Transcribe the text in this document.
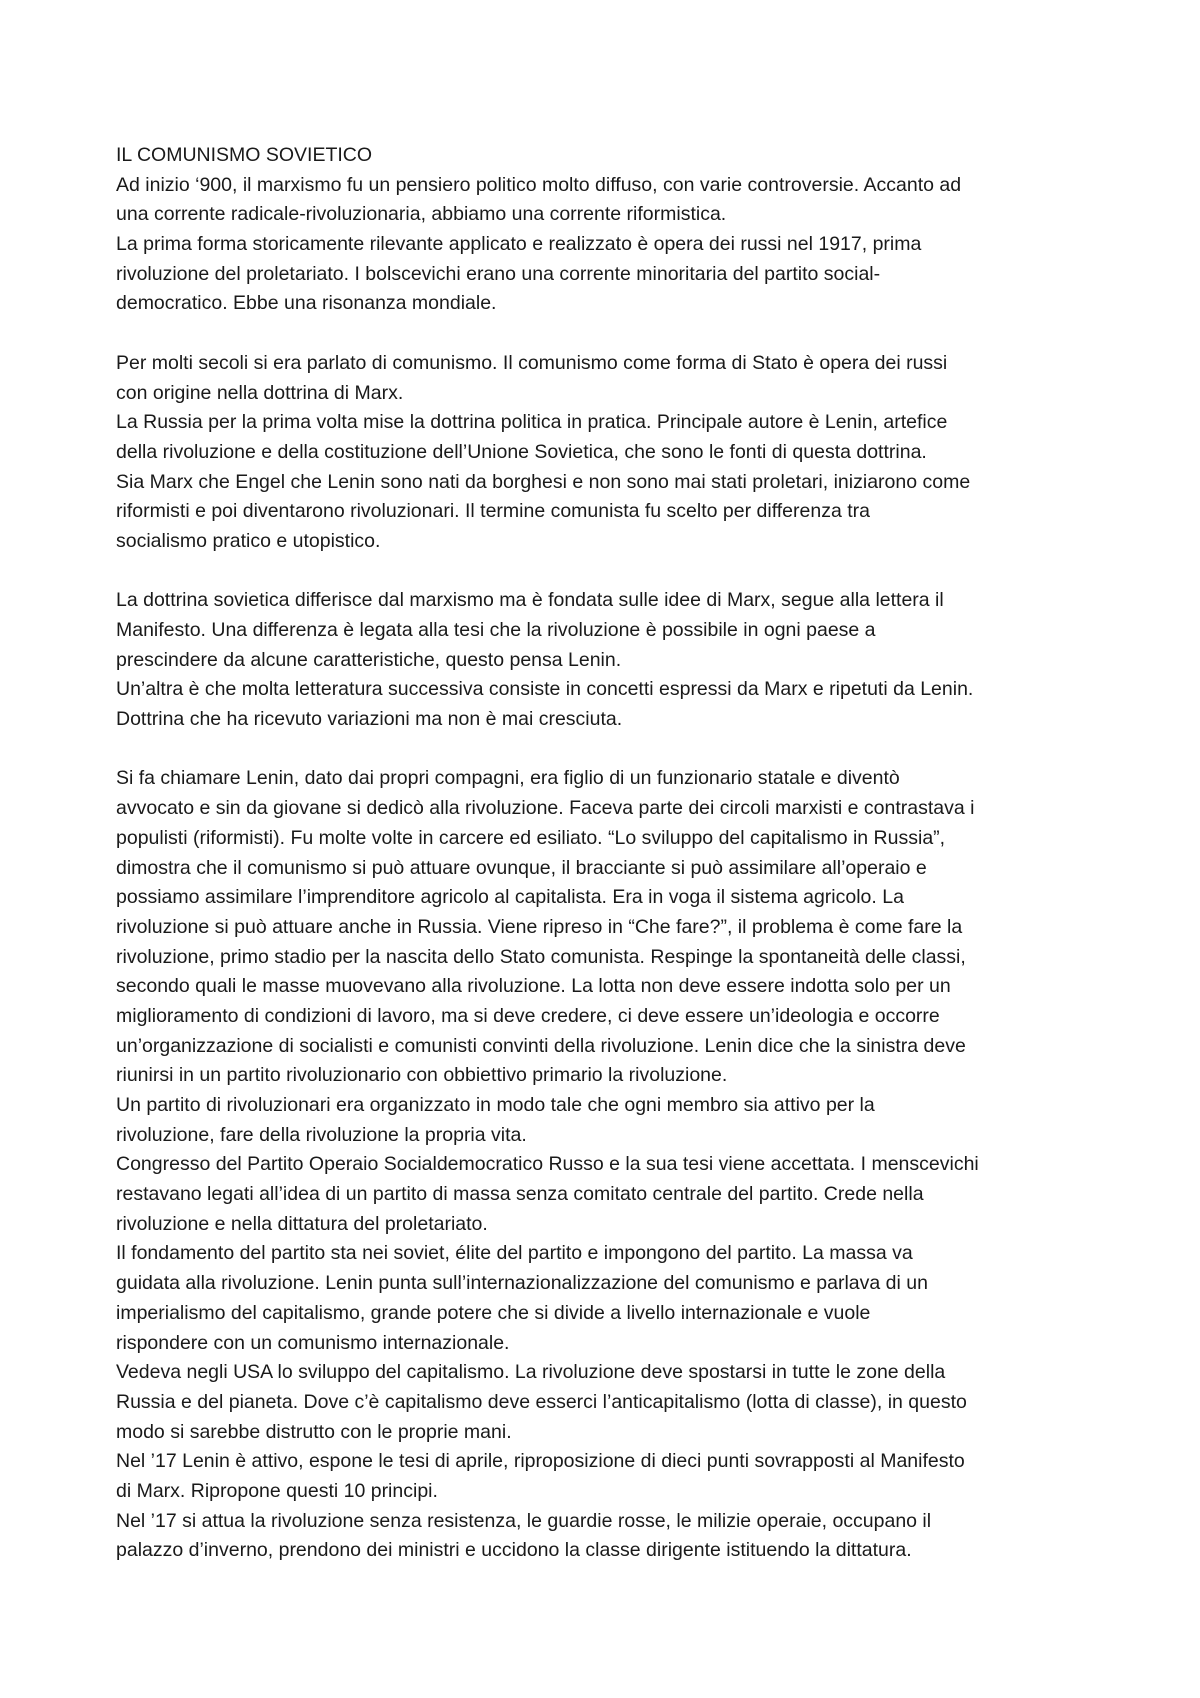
IL COMUNISMO SOVIETICO
Ad inizio ‘900, il marxismo fu un pensiero politico molto diffuso, con varie controversie. Accanto ad
una corrente radicale-rivoluzionaria, abbiamo una corrente riformistica.
La prima forma storicamente rilevante applicato e realizzato è opera dei russi nel 1917, prima
rivoluzione del proletariato. I bolscevichi erano una corrente minoritaria del partito social-
democratico. Ebbe una risonanza mondiale.
Per molti secoli si era parlato di comunismo. Il comunismo come forma di Stato è opera dei russi
con origine nella dottrina di Marx.
La Russia per la prima volta mise la dottrina politica in pratica. Principale autore è Lenin, artefice
della rivoluzione e della costituzione dell’Unione Sovietica, che sono le fonti di questa dottrina.
Sia Marx che Engel che Lenin sono nati da borghesi e non sono mai stati proletari, iniziarono come
riformisti e poi diventarono rivoluzionari. Il termine comunista fu scelto per differenza tra
socialismo pratico e utopistico.
La dottrina sovietica differisce dal marxismo ma è fondata sulle idee di Marx, segue alla lettera il
Manifesto. Una differenza è legata alla tesi che la rivoluzione è possibile in ogni paese a
prescindere da alcune caratteristiche, questo pensa Lenin.
Un’altra è che molta letteratura successiva consiste in concetti espressi da Marx e ripetuti da Lenin.
Dottrina che ha ricevuto variazioni ma non è mai cresciuta.
Si fa chiamare Lenin, dato dai propri compagni, era figlio di un funzionario statale e diventò
avvocato e sin da giovane si dedicò alla rivoluzione. Faceva parte dei circoli marxisti e contrastava i
populisti (riformisti). Fu molte volte in carcere ed esiliato. “Lo sviluppo del capitalismo in Russia”,
dimostra che il comunismo si può attuare ovunque, il bracciante si può assimilare all’operaio e
possiamo assimilare l’imprenditore agricolo al capitalista. Era in voga il sistema agricolo. La
rivoluzione si può attuare anche in Russia. Viene ripreso in “Che fare?”, il problema è come fare la
rivoluzione, primo stadio per la nascita dello Stato comunista. Respinge la spontaneità delle classi,
secondo quali le masse muovevano alla rivoluzione. La lotta non deve essere indotta solo per un
miglioramento di condizioni di lavoro, ma si deve credere, ci deve essere un’ideologia e occorre
un’organizzazione di socialisti e comunisti convinti della rivoluzione. Lenin dice che la sinistra deve
riunirsi in un partito rivoluzionario con obbiettivo primario la rivoluzione.
Un partito di rivoluzionari era organizzato in modo tale che ogni membro sia attivo per la
rivoluzione, fare della rivoluzione la propria vita.
Congresso del Partito Operaio Socialdemocratico Russo e la sua tesi viene accettata. I menscevichi
restavano legati all’idea di un partito di massa senza comitato centrale del partito. Crede nella
rivoluzione e nella dittatura del proletariato.
Il fondamento del partito sta nei soviet, élite del partito e impongono del partito. La massa va
guidata alla rivoluzione. Lenin punta sull’internazionalizzazione del comunismo e parlava di un
imperialismo del capitalismo, grande potere che si divide a livello internazionale e vuole
rispondere con un comunismo internazionale.
Vedeva negli USA lo sviluppo del capitalismo. La rivoluzione deve spostarsi in tutte le zone della
Russia e del pianeta. Dove c’è capitalismo deve esserci l’anticapitalismo (lotta di classe), in questo
modo si sarebbe distrutto con le proprie mani.
Nel ’17 Lenin è attivo, espone le tesi di aprile, riproposizione di dieci punti sovrapposti al Manifesto
di Marx. Ripropone questi 10 principi.
Nel ’17 si attua la rivoluzione senza resistenza, le guardie rosse, le milizie operaie, occupano il
palazzo d’inverno, prendono dei ministri e uccidono la classe dirigente istituendo la dittatura.
